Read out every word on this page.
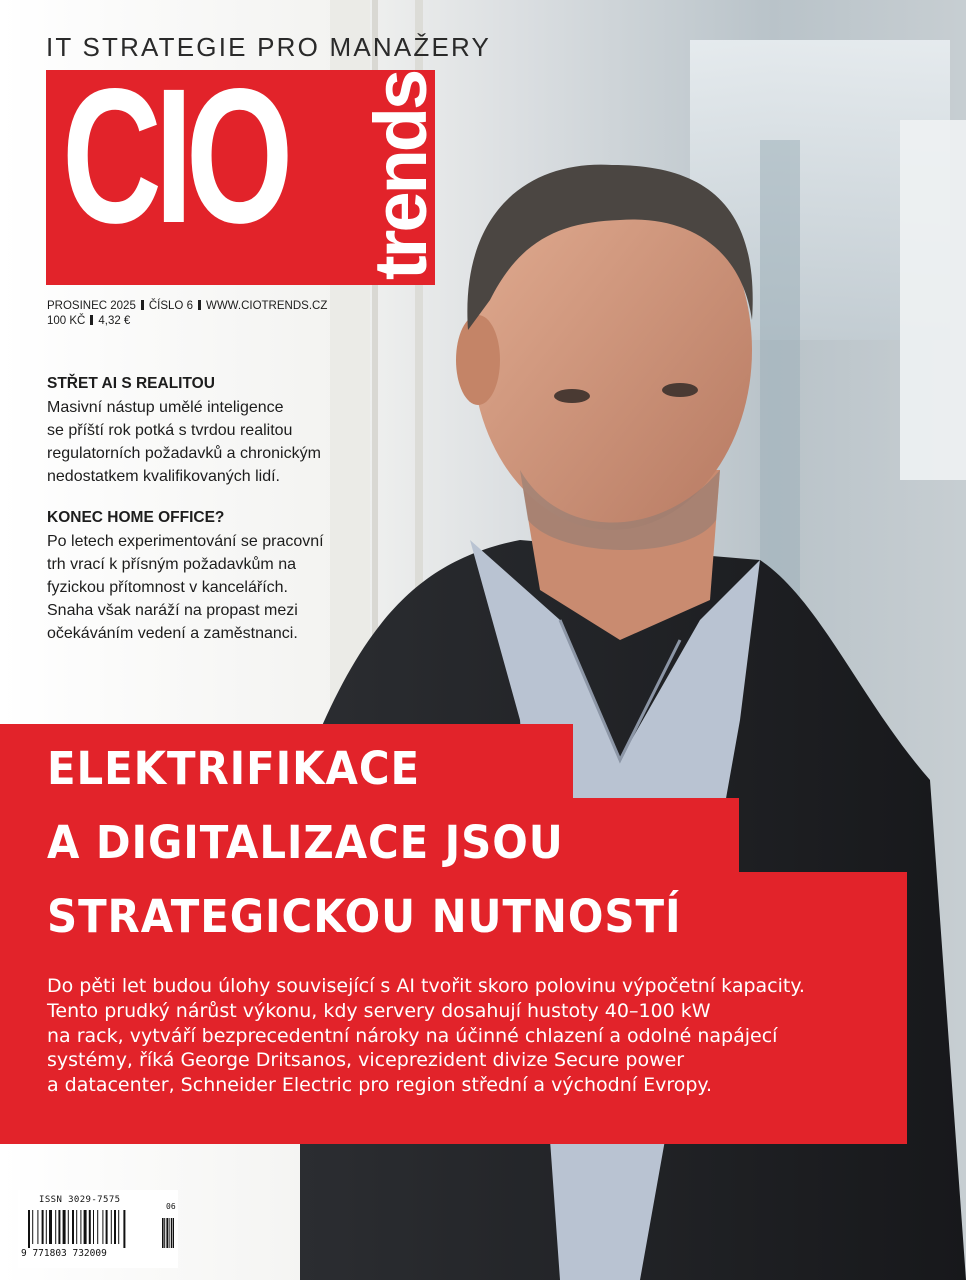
IT STRATEGIE PRO MANAŽERY
CIO trends
PROSINEC 2025 ČÍSLO 6 WWW.CIOTRENDS.CZ
100 KČ 4,32 €
STŘET AI S REALITOU

Masivní nástup umělé inteligence

se příští rok potká s tvrdou realitou

regulatorních požadavků a chronickým

nedostatkem kvalifikovaných lidí.

KONEC HOME OFFICE?

Po letech experimentování se pracovní

trh vrací k přísným požadavkům na

fyzickou přítomnost v kancelářích.

Snaha však naráží na propast mezi

očekáváním vedení a zaměstnanci.

ELEKTRIFIKACE
A DIGITALIZACE JSOU
STRATEGICKOU NUTNOSTÍ
Do pěti let budou úlohy související s AI tvořit skoro polovinu výpočetní kapacity.
Tento prudký nárůst výkonu, kdy servery dosahují hustoty 40–100 kW
na rack, vytváří bezprecedentní nároky na účinné chlazení a odolné napájecí
systémy, říká George Dritsanos, viceprezident divize Secure power
a datacenter, Schneider Electric pro region střední a východní Evropy.
ISSN 3029-7575
9 771803 732009
06
